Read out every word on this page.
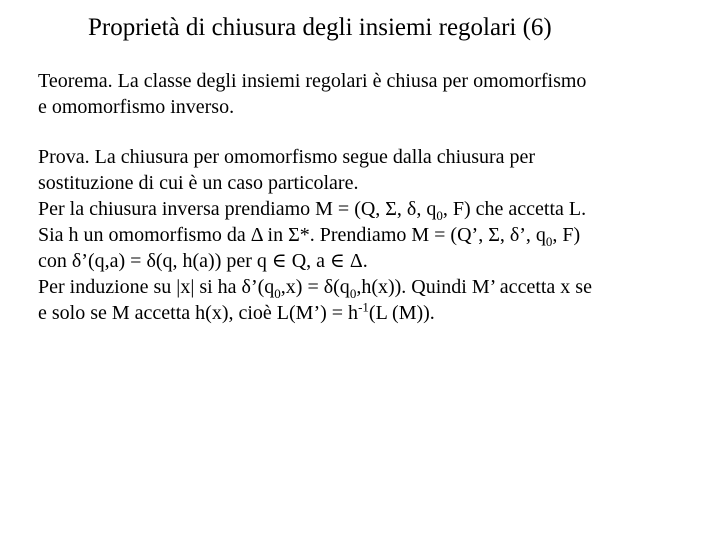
Proprietà di chiusura degli insiemi regolari (6)
Teorema. La classe degli insiemi regolari è chiusa per omomorfismo
e omomorfismo inverso.
Prova. La chiusura per omomorfismo segue dalla chiusura per
sostituzione di cui è un caso particolare.
Per la chiusura inversa prendiamo M = (Q, Σ, δ, $q_0$, F) che accetta L.
Sia h un omomorfismo da Δ in Σ*. Prendiamo M = (Q’, Σ, δ’, $q_0$, F)
con δ’(q,a) = δ(q, h(a)) per q ∈ Q, a ∈ Δ.
Per induzione su |x| si ha $\delta’(q_0,x) = \delta(q_0,h(x))$. Quindi M’ accetta x se
e solo se M accetta h(x), cioè L(M’) = $h^{-1}(L$ (M)).
